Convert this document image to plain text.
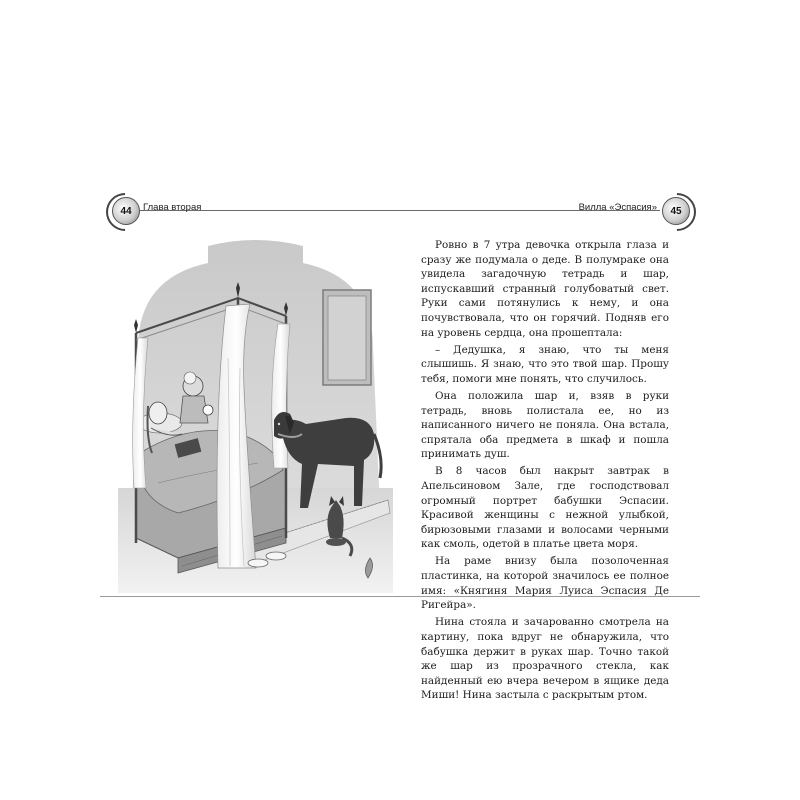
44	Глава вторая	45
Вилла «Эспасия»

Ровно в 7 утра девочка открыла глаза и сразу же подумала о деде. В полумраке она увидела загадочную тетрадь и шар, испускавший странный голубоватый свет. Руки сами потянулись к нему, и она почувствовала, что он горячий. Подняв его на уровень сердца, она прошептала:

– Дедушка, я знаю, что ты меня слышишь. Я знаю, что это твой шар. Прошу тебя, помоги мне понять, что случилось.

Она положила шар и, взяв в руки тетрадь, вновь полистала ее, но из написанного ничего не поняла. Она встала, спрятала оба предмета в шкаф и пошла принимать душ.

В 8 часов был накрыт завтрак в Апельсиновом Зале, где господствовал огромный портрет бабушки Эспасии. Красивой женщины с нежной улыбкой, бирюзовыми глазами и волосами черными как смоль, одетой в платье цвета моря.

На раме внизу была позолоченная пластинка, на которой значилось ее полное имя: «Княгиня Мария Луиса Эспасия Де Ригейра».

Нина стояла и зачарованно смотрела на картину, пока вдруг не обнаружила, что бабушка держит в руках шар. Точно такой же шар из прозрачного стекла, как найденный ею вчера вечером в ящике деда Миши! Нина застыла с раскрытым ртом.
